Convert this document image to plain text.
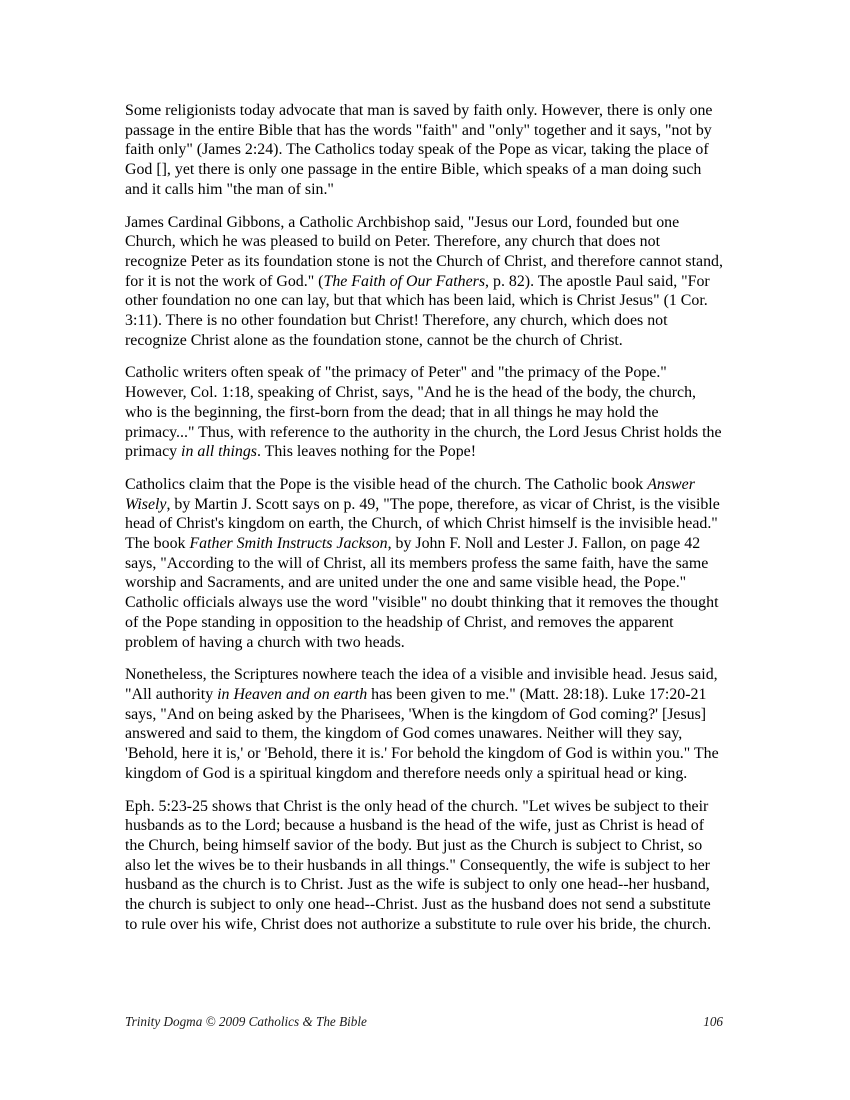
Some religionists today advocate that man is saved by faith only. However, there is only one passage in the entire Bible that has the words "faith" and "only" together and it says, "not by faith only" (James 2:24). The Catholics today speak of the Pope as vicar, taking the place of God [], yet there is only one passage in the entire Bible, which speaks of a man doing such and it calls him "the man of sin."

James Cardinal Gibbons, a Catholic Archbishop said, "Jesus our Lord, founded but one Church, which he was pleased to build on Peter. Therefore, any church that does not recognize Peter as its foundation stone is not the Church of Christ, and therefore cannot stand, for it is not the work of God." (The Faith of Our Fathers, p. 82). The apostle Paul said, "For other foundation no one can lay, but that which has been laid, which is Christ Jesus" (1 Cor. 3:11). There is no other foundation but Christ! Therefore, any church, which does not recognize Christ alone as the foundation stone, cannot be the church of Christ.

Catholic writers often speak of "the primacy of Peter" and "the primacy of the Pope." However, Col. 1:18, speaking of Christ, says, "And he is the head of the body, the church, who is the beginning, the first-born from the dead; that in all things he may hold the primacy..." Thus, with reference to the authority in the church, the Lord Jesus Christ holds the primacy in all things. This leaves nothing for the Pope!

Catholics claim that the Pope is the visible head of the church. The Catholic book Answer Wisely, by Martin J. Scott says on p. 49, "The pope, therefore, as vicar of Christ, is the visible head of Christ's kingdom on earth, the Church, of which Christ himself is the invisible head." The book Father Smith Instructs Jackson, by John F. Noll and Lester J. Fallon, on page 42 says, "According to the will of Christ, all its members profess the same faith, have the same worship and Sacraments, and are united under the one and same visible head, the Pope." Catholic officials always use the word "visible" no doubt thinking that it removes the thought of the Pope standing in opposition to the headship of Christ, and removes the apparent problem of having a church with two heads.

Nonetheless, the Scriptures nowhere teach the idea of a visible and invisible head. Jesus said, "All authority in Heaven and on earth has been given to me." (Matt. 28:18). Luke 17:20-21 says, "And on being asked by the Pharisees, 'When is the kingdom of God coming?' [Jesus] answered and said to them, the kingdom of God comes unawares. Neither will they say, 'Behold, here it is,' or 'Behold, there it is.' For behold the kingdom of God is within you." The kingdom of God is a spiritual kingdom and therefore needs only a spiritual head or king.

Eph. 5:23-25 shows that Christ is the only head of the church. "Let wives be subject to their husbands as to the Lord; because a husband is the head of the wife, just as Christ is head of the Church, being himself savior of the body. But just as the Church is subject to Christ, so also let the wives be to their husbands in all things." Consequently, the wife is subject to her husband as the church is to Christ. Just as the wife is subject to only one head--her husband, the church is subject to only one head--Christ. Just as the husband does not send a substitute to rule over his wife, Christ does not authorize a substitute to rule over his bride, the church.

Trinity Dogma © 2009 Catholics & The Bible	106
